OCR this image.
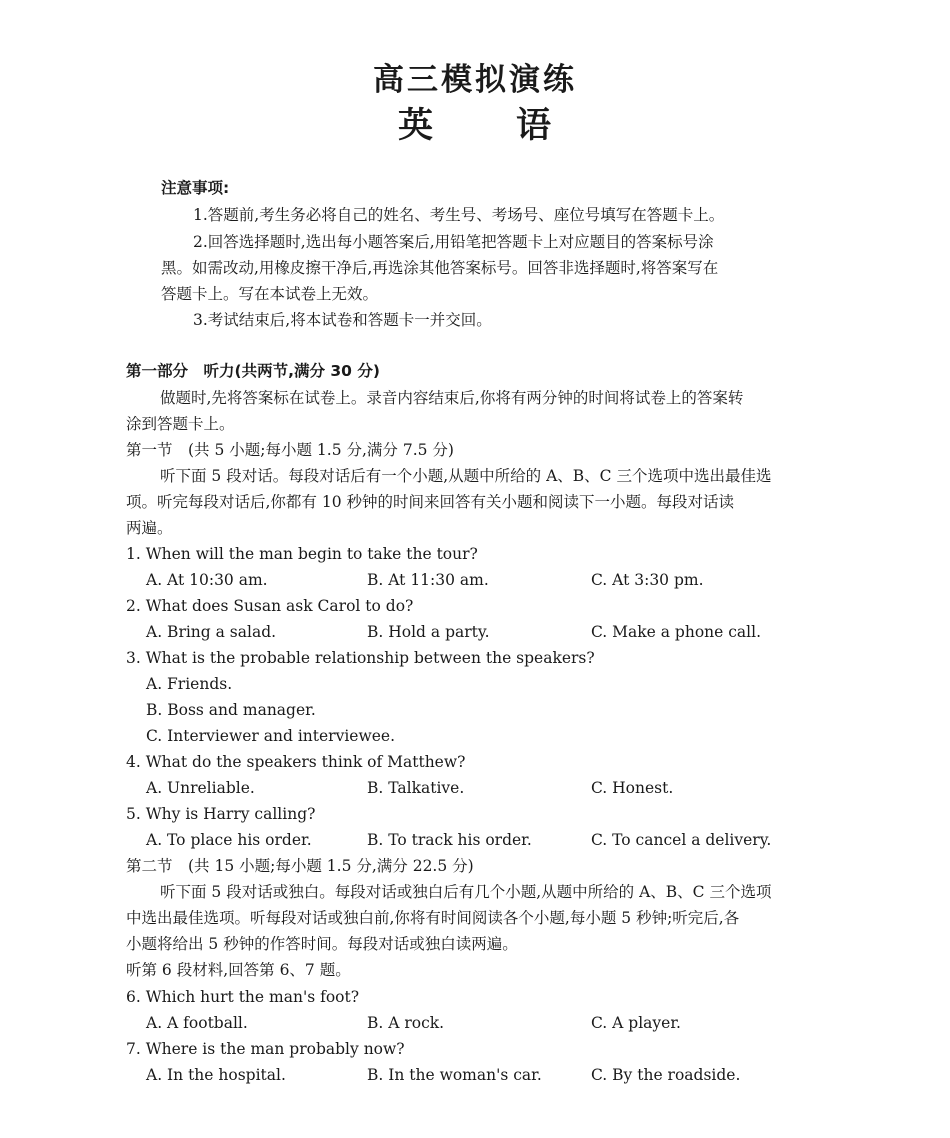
高三模拟演练
英 语
注意事项:
1.答题前,考生务必将自己的姓名、考生号、考场号、座位号填写在答题卡上。
2.回答选择题时,选出每小题答案后,用铅笔把答题卡上对应题目的答案标号涂
黑。如需改动,用橡皮擦干净后,再选涂其他答案标号。回答非选择题时,将答案写在
答题卡上。写在本试卷上无效。
3.考试结束后,将本试卷和答题卡一并交回。
第一部分　听力(共两节,满分 30 分)
做题时,先将答案标在试卷上。录音内容结束后,你将有两分钟的时间将试卷上的答案转
涂到答题卡上。
第一节　(共 5 小题;每小题 1.5 分,满分 7.5 分)
听下面 5 段对话。每段对话后有一个小题,从题中所给的 A、B、C 三个选项中选出最佳选
项。听完每段对话后,你都有 10 秒钟的时间来回答有关小题和阅读下一小题。每段对话读
两遍。
1. When will the man begin to take the tour?
A. At 10:30 am.	B. At 11:30 am.	C. At 3:30 pm.
2. What does Susan ask Carol to do?
A. Bring a salad.	B. Hold a party.	C. Make a phone call.
3. What is the probable relationship between the speakers?
A. Friends.
B. Boss and manager.
C. Interviewer and interviewee.
4. What do the speakers think of Matthew?
A. Unreliable.	B. Talkative.	C. Honest.
5. Why is Harry calling?
A. To place his order.	B. To track his order.	C. To cancel a delivery.
第二节　(共 15 小题;每小题 1.5 分,满分 22.5 分)
听下面 5 段对话或独白。每段对话或独白后有几个小题,从题中所给的 A、B、C 三个选项
中选出最佳选项。听每段对话或独白前,你将有时间阅读各个小题,每小题 5 秒钟;听完后,各
小题将给出 5 秒钟的作答时间。每段对话或独白读两遍。
听第 6 段材料,回答第 6、7 题。
6. Which hurt the man's foot?
A. A football.	B. A rock.	C. A player.
7. Where is the man probably now?
A. In the hospital.	B. In the woman's car.	C. By the roadside.
